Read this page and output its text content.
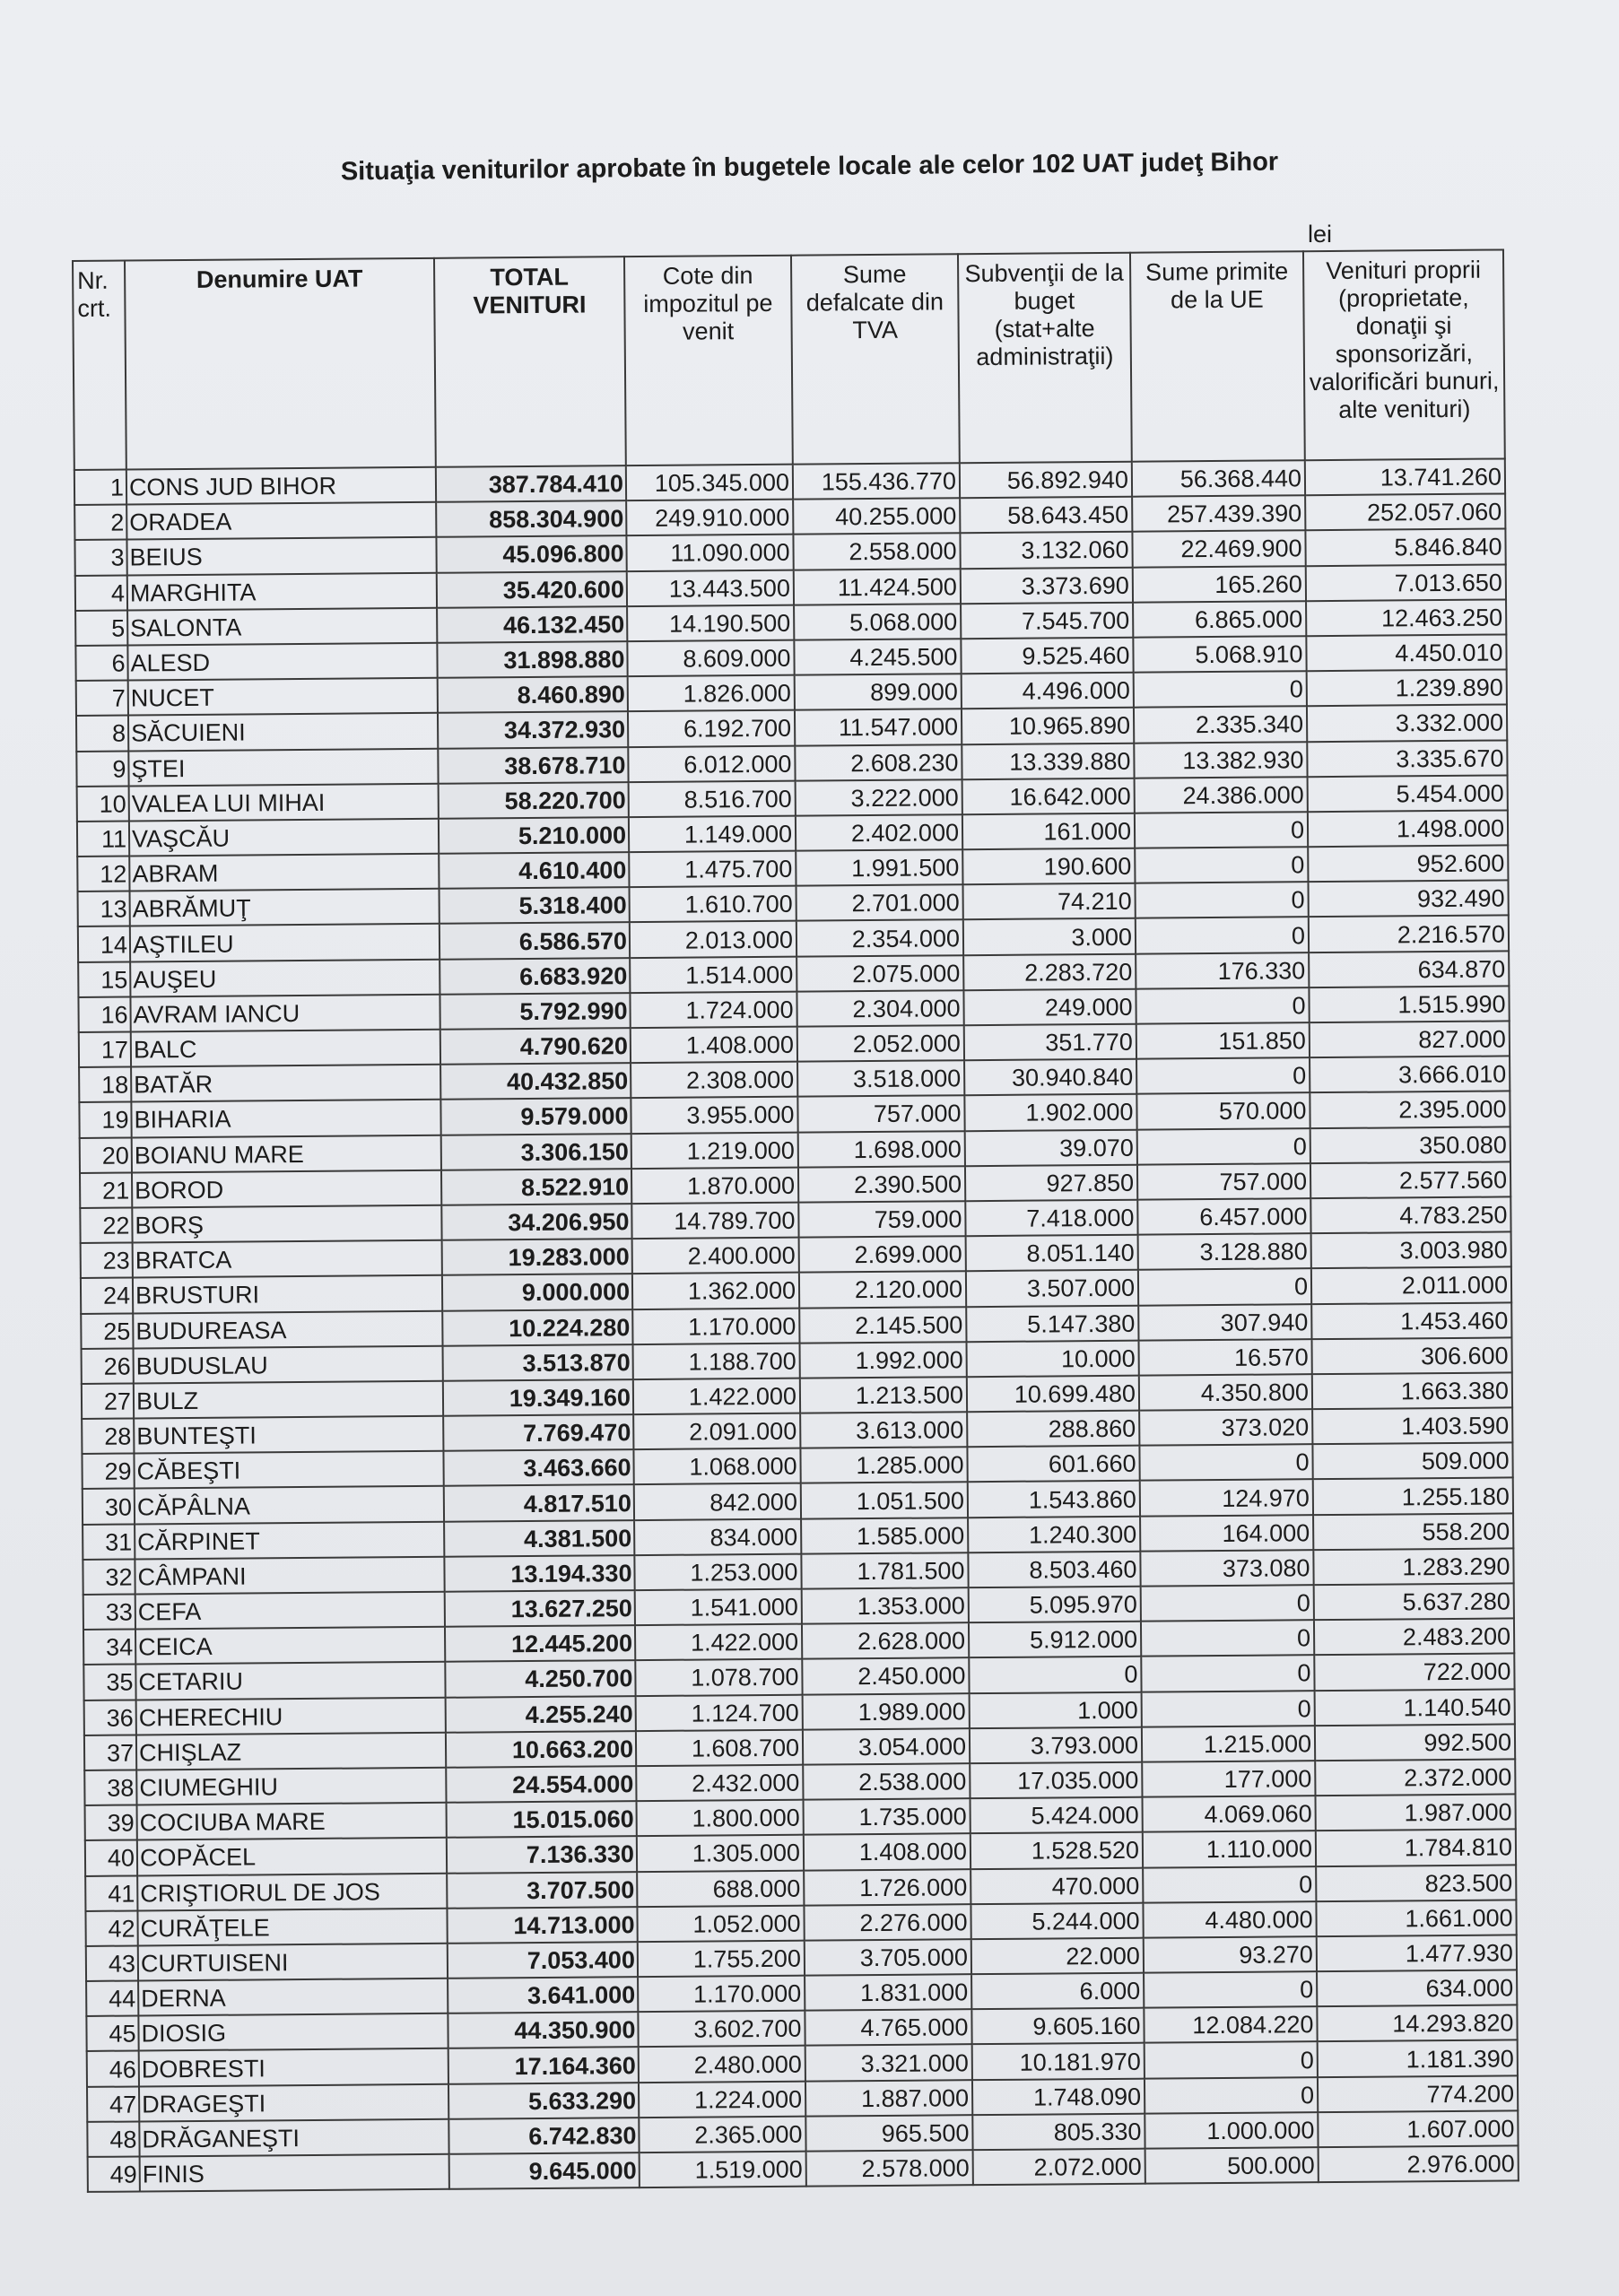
Situaţia veniturilor aprobate în bugetele locale ale celor 102 UAT judeţ Bihor
lei
Nr. crt.	Denumire UAT	TOTAL VENITURI	Cote din impozitul pe venit	Sume defalcate din TVA	Subvenţii de la buget (stat+alte administraţii)	Sume primite de la UE	Venituri proprii (proprietate, donaţii şi sponsorizări, valorificări bunuri, alte venituri)
1	CONS JUD BIHOR	387.784.410	105.345.000	155.436.770	56.892.940	56.368.440	13.741.260
2	ORADEA	858.304.900	249.910.000	40.255.000	58.643.450	257.439.390	252.057.060
3	BEIUS	45.096.800	11.090.000	2.558.000	3.132.060	22.469.900	5.846.840
4	MARGHITA	35.420.600	13.443.500	11.424.500	3.373.690	165.260	7.013.650
5	SALONTA	46.132.450	14.190.500	5.068.000	7.545.700	6.865.000	12.463.250
6	ALESD	31.898.880	8.609.000	4.245.500	9.525.460	5.068.910	4.450.010
7	NUCET	8.460.890	1.826.000	899.000	4.496.000	0	1.239.890
8	SĂCUIENI	34.372.930	6.192.700	11.547.000	10.965.890	2.335.340	3.332.000
9	ŞTEI	38.678.710	6.012.000	2.608.230	13.339.880	13.382.930	3.335.670
10	VALEA LUI MIHAI	58.220.700	8.516.700	3.222.000	16.642.000	24.386.000	5.454.000
11	VAŞCĂU	5.210.000	1.149.000	2.402.000	161.000	0	1.498.000
12	ABRAM	4.610.400	1.475.700	1.991.500	190.600	0	952.600
13	ABRĂMUŢ	5.318.400	1.610.700	2.701.000	74.210	0	932.490
14	AŞTILEU	6.586.570	2.013.000	2.354.000	3.000	0	2.216.570
15	AUŞEU	6.683.920	1.514.000	2.075.000	2.283.720	176.330	634.870
16	AVRAM IANCU	5.792.990	1.724.000	2.304.000	249.000	0	1.515.990
17	BALC	4.790.620	1.408.000	2.052.000	351.770	151.850	827.000
18	BATĂR	40.432.850	2.308.000	3.518.000	30.940.840	0	3.666.010
19	BIHARIA	9.579.000	3.955.000	757.000	1.902.000	570.000	2.395.000
20	BOIANU MARE	3.306.150	1.219.000	1.698.000	39.070	0	350.080
21	BOROD	8.522.910	1.870.000	2.390.500	927.850	757.000	2.577.560
22	BORŞ	34.206.950	14.789.700	759.000	7.418.000	6.457.000	4.783.250
23	BRATCA	19.283.000	2.400.000	2.699.000	8.051.140	3.128.880	3.003.980
24	BRUSTURI	9.000.000	1.362.000	2.120.000	3.507.000	0	2.011.000
25	BUDUREASA	10.224.280	1.170.000	2.145.500	5.147.380	307.940	1.453.460
26	BUDUSLAU	3.513.870	1.188.700	1.992.000	10.000	16.570	306.600
27	BULZ	19.349.160	1.422.000	1.213.500	10.699.480	4.350.800	1.663.380
28	BUNTEŞTI	7.769.470	2.091.000	3.613.000	288.860	373.020	1.403.590
29	CĂBEŞTI	3.463.660	1.068.000	1.285.000	601.660	0	509.000
30	CĂPÂLNA	4.817.510	842.000	1.051.500	1.543.860	124.970	1.255.180
31	CĂRPINET	4.381.500	834.000	1.585.000	1.240.300	164.000	558.200
32	CÂMPANI	13.194.330	1.253.000	1.781.500	8.503.460	373.080	1.283.290
33	CEFA	13.627.250	1.541.000	1.353.000	5.095.970	0	5.637.280
34	CEICA	12.445.200	1.422.000	2.628.000	5.912.000	0	2.483.200
35	CETARIU	4.250.700	1.078.700	2.450.000	0	0	722.000
36	CHERECHIU	4.255.240	1.124.700	1.989.000	1.000	0	1.140.540
37	CHIŞLAZ	10.663.200	1.608.700	3.054.000	3.793.000	1.215.000	992.500
38	CIUMEGHIU	24.554.000	2.432.000	2.538.000	17.035.000	177.000	2.372.000
39	COCIUBA MARE	15.015.060	1.800.000	1.735.000	5.424.000	4.069.060	1.987.000
40	COPĂCEL	7.136.330	1.305.000	1.408.000	1.528.520	1.110.000	1.784.810
41	CRIŞTIORUL DE JOS	3.707.500	688.000	1.726.000	470.000	0	823.500
42	CURĂŢELE	14.713.000	1.052.000	2.276.000	5.244.000	4.480.000	1.661.000
43	CURTUISENI	7.053.400	1.755.200	3.705.000	22.000	93.270	1.477.930
44	DERNA	3.641.000	1.170.000	1.831.000	6.000	0	634.000
45	DIOSIG	44.350.900	3.602.700	4.765.000	9.605.160	12.084.220	14.293.820
46	DOBRESTI	17.164.360	2.480.000	3.321.000	10.181.970	0	1.181.390
47	DRAGEŞTI	5.633.290	1.224.000	1.887.000	1.748.090	0	774.200
48	DRĂGANEŞTI	6.742.830	2.365.000	965.500	805.330	1.000.000	1.607.000
49	FINIS	9.645.000	1.519.000	2.578.000	2.072.000	500.000	2.976.000
